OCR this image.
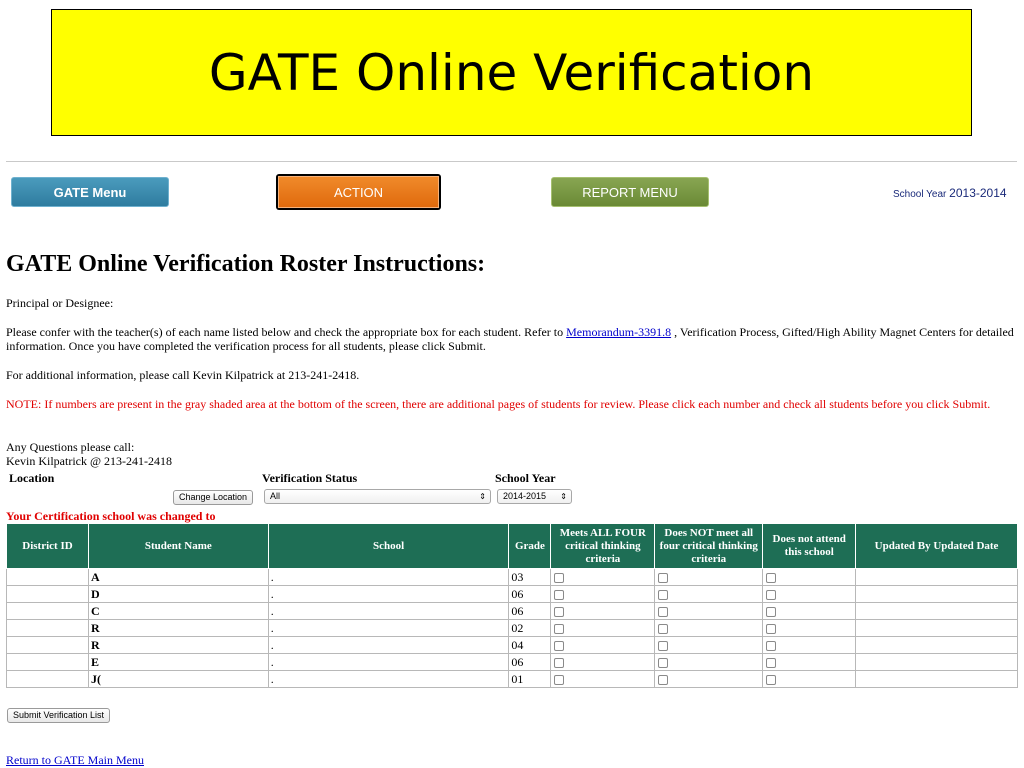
GATE Online Verification
GATE Menu	ACTION	REPORT MENU	School Year 2013-2014
GATE Online Verification Roster Instructions:

Principal or Designee:

Please confer with the teacher(s) of each name listed below and check the appropriate box for each student. Refer to Memorandum-3391.8 , Verification Process, Gifted/High Ability Magnet Centers for detailed information. Once you have completed the verification process for all students, please click Submit.

For additional information, please call Kevin Kilpatrick at 213-241-2418.

NOTE: If numbers are present in the gray shaded area at the bottom of the screen, there are additional pages of students for review. Please click each number and check all students before you click Submit.

Any Questions please call:
Kevin Kilpatrick @ 213-241-2418

Location	Verification Status	School Year
Change Location	All	⇕	2014-2015 ⇕
Your Certification school was changed to
District ID	Student Name	School	Grade	Meets ALL FOUR critical thinking criteria	Does NOT meet all four critical thinking criteria	Does not attend this school	Updated By Updated Date
	A	.	03				
	D	.	06				
	C	.	06				
	R	.	02				
	R	.	04				
	E	.	06				
	J(	.	01				
Submit Verification List
Return to GATE Main Menu
